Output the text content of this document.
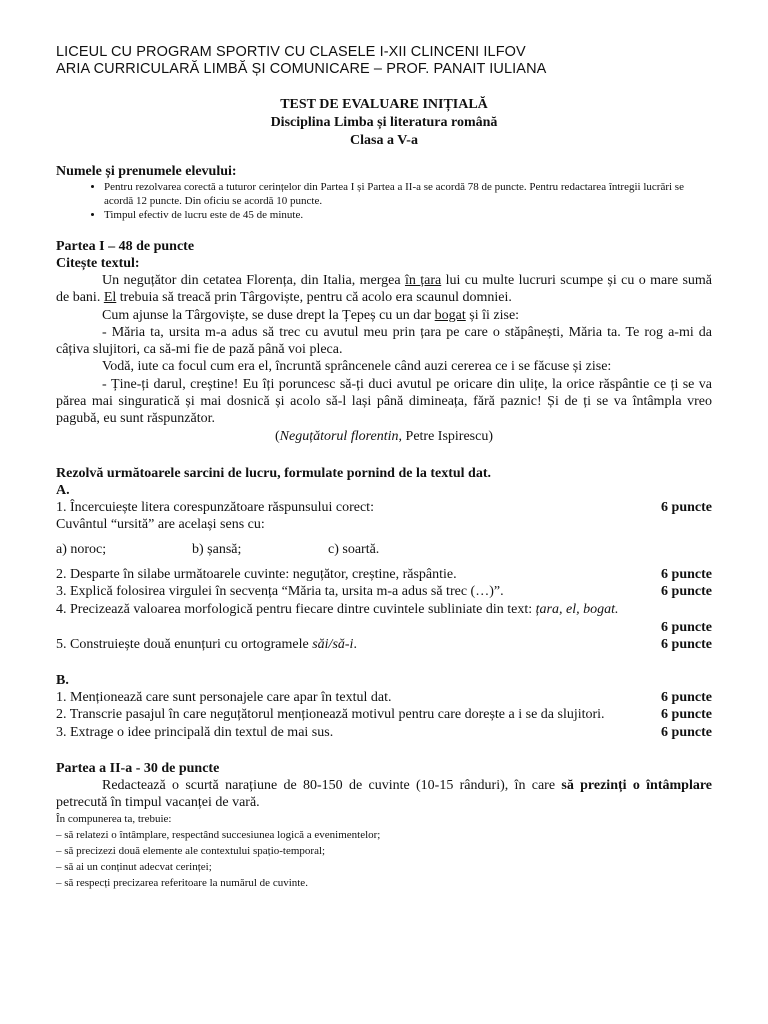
LICEUL CU PROGRAM SPORTIV CU CLASELE I-XII CLINCENI ILFOV
ARIA CURRICULARĂ LIMBĂ ȘI COMUNICARE – PROF. PANAIT IULIANA
TEST DE EVALUARE INIȚIALĂ
Disciplina Limba și literatura română
Clasa a V-a
Numele și prenumele elevului:
• Pentru rezolvarea corectă a tuturor cerințelor din Partea I și Partea a II-a se acordă 78 de puncte. Pentru redactarea întregii lucrări se acordă 12 puncte. Din oficiu se acordă 10 puncte.
• Timpul efectiv de lucru este de 45 de minute.
Partea I – 48 de puncte
Citește textul:

Un neguțător din cetatea Florența, din Italia, mergea în țara lui cu multe lucruri scumpe și cu o mare sumă de bani. El trebuia să treacă prin Târgoviște, pentru că acolo era scaunul domniei.

Cum ajunse la Târgoviște, se duse drept la Țepeș cu un dar bogat și îi zise:

- Măria ta, ursita m-a adus să trec cu avutul meu prin țara pe care o stăpânești, Măria ta. Te rog a-mi da câțiva slujitori, ca să-mi fie de pază până voi pleca.

Vodă, iute ca focul cum era el, încruntă sprâncenele când auzi cererea ce i se făcuse și zise:

- Ține-ți darul, creștine! Eu îți poruncesc să-ți duci avutul pe oricare din ulițe, la orice răspântie ce ți se va părea mai singuratică și mai dosnică și acolo să-l lași până dimineața, fără paznic! Și de ți se va întâmpla vreo pagubă, eu sunt răspunzător.

(Neguțătorul florentin, Petre Ispirescu)
Rezolvă următoarele sarcini de lucru, formulate pornind de la textul dat.
A.
1. Încercuiește litera corespunzătoare răspunsului corect:	6 puncte
Cuvântul “ursită” are același sens cu:
a) noroc;	b) șansă;	c) soartă.
2. Desparte în silabe următoarele cuvinte: neguțător, creștine, răspântie.	6 puncte
3. Explică folosirea virgulei în secvența “Măria ta, ursita m-a adus să trec (…)”.	6 puncte
4. Precizează valoarea morfologică pentru fiecare dintre cuvintele subliniate din text: țara, el, bogat.
6 puncte
5. Construiește două enunțuri cu ortogramele săi/să-i.	6 puncte
B.
1. Menționează care sunt personajele care apar în textul dat.	6 puncte
2. Transcrie pasajul în care neguțătorul menționează motivul pentru care dorește a i se da slujitori.	6 puncte
3. Extrage o idee principală din textul de mai sus.	6 puncte
Partea a II-a - 30 de puncte

Redactează o scurtă narațiune de 80-150 de cuvinte (10-15 rânduri), în care să prezinți o întâmplare petrecută în timpul vacanței de vară.

În compunerea ta, trebuie:
– să relatezi o întâmplare, respectând succesiunea logică a evenimentelor;
– să precizezi două elemente ale contextului spațio-temporal;
– să ai un conținut adecvat cerinței;
– să respecți precizarea referitoare la numărul de cuvinte.
